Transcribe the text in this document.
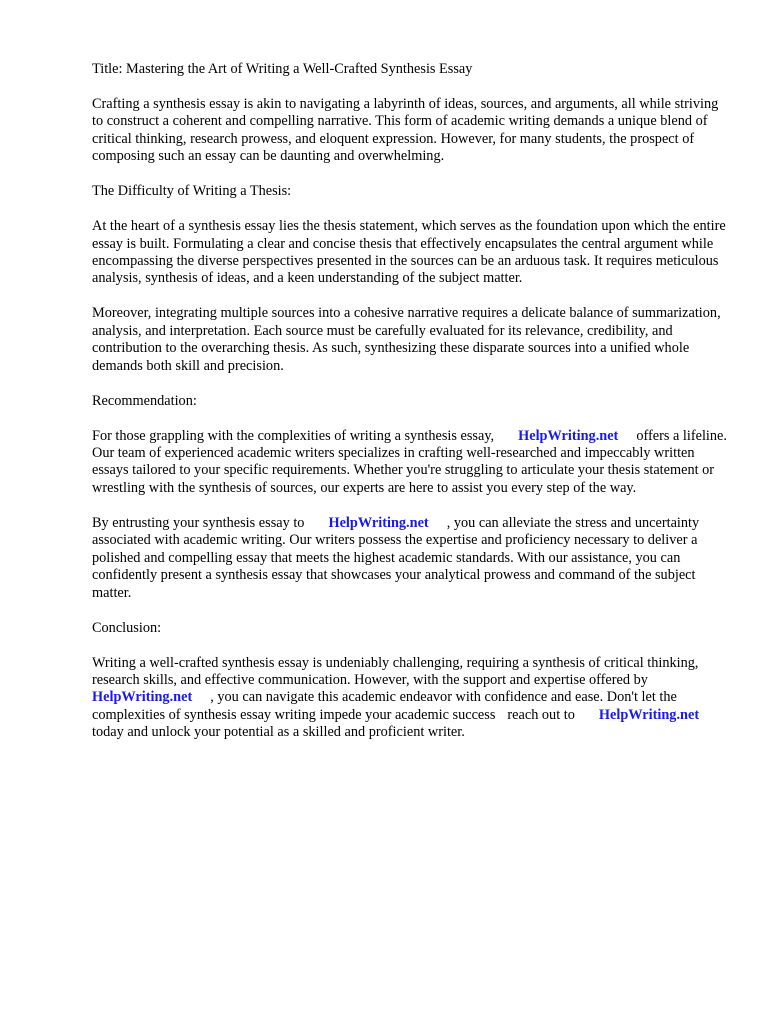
Title: Mastering the Art of Writing a Well-Crafted Synthesis Essay

Crafting a synthesis essay is akin to navigating a labyrinth of ideas, sources, and arguments, all while striving to construct a coherent and compelling narrative. This form of academic writing demands a unique blend of critical thinking, research prowess, and eloquent expression. However, for many students, the prospect of composing such an essay can be daunting and overwhelming.

The Difficulty of Writing a Thesis:

At the heart of a synthesis essay lies the thesis statement, which serves as the foundation upon which the entire essay is built. Formulating a clear and concise thesis that effectively encapsulates the central argument while encompassing the diverse perspectives presented in the sources can be an arduous task. It requires meticulous analysis, synthesis of ideas, and a keen understanding of the subject matter.

Moreover, integrating multiple sources into a cohesive narrative requires a delicate balance of summarization, analysis, and interpretation. Each source must be carefully evaluated for its relevance, credibility, and contribution to the overarching thesis. As such, synthesizing these disparate sources into a unified whole demands both skill and precision.

Recommendation:

For those grappling with the complexities of writing a synthesis essay, HelpWriting.net offers a lifeline. Our team of experienced academic writers specializes in crafting well-researched and impeccably written essays tailored to your specific requirements. Whether you're struggling to articulate your thesis statement or wrestling with the synthesis of sources, our experts are here to assist you every step of the way.

By entrusting your synthesis essay to HelpWriting.net , you can alleviate the stress and uncertainty associated with academic writing. Our writers possess the expertise and proficiency necessary to deliver a polished and compelling essay that meets the highest academic standards. With our assistance, you can confidently present a synthesis essay that showcases your analytical prowess and command of the subject matter.

Conclusion:

Writing a well-crafted synthesis essay is undeniably challenging, requiring a synthesis of critical thinking, research skills, and effective communication. However, with the support and expertise offered byHelpWriting.net , you can navigate this academic endeavor with confidence and ease. Don't let the complexities of synthesis essay writing impede your academic success reach out to HelpWriting.nettoday and unlock your potential as a skilled and proficient writer.
